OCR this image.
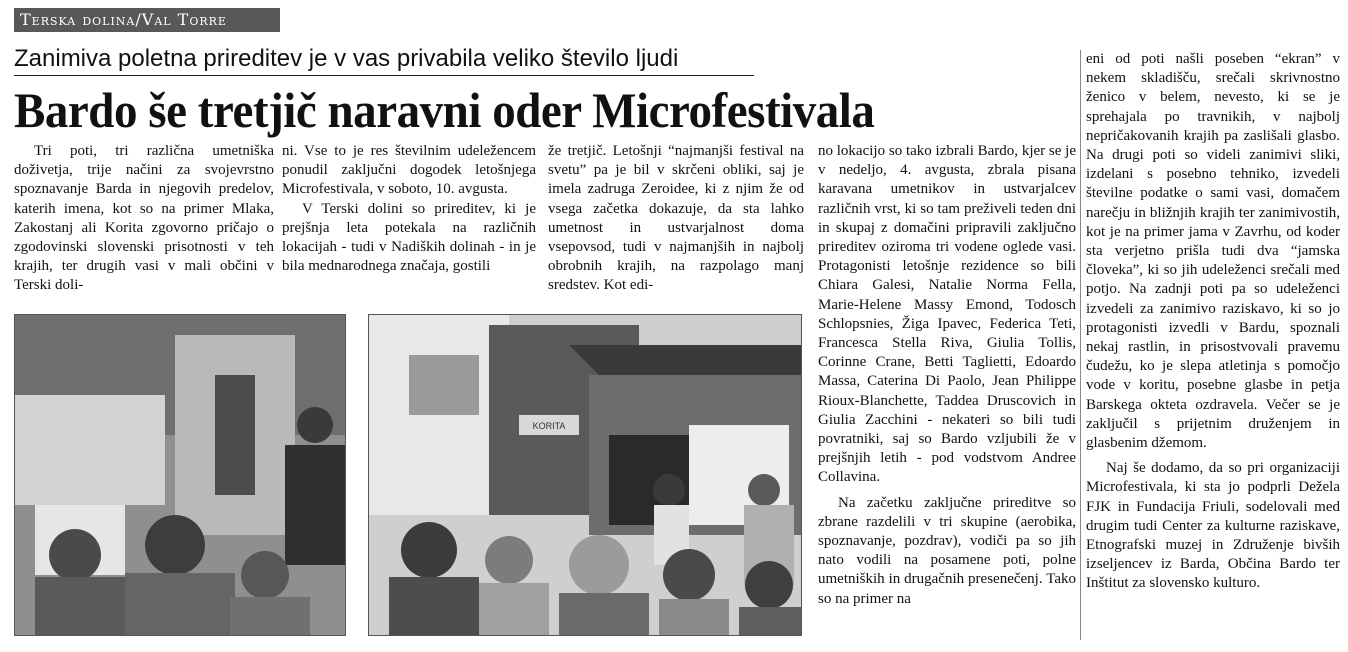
Terska dolina/Val Torre
Zanimiva poletna prireditev je v vas privabila veliko število ljudi
Bardo še tretjič naravni oder Microfestivala

Tri poti, tri različna umetniška doživetja, trije načini za svojevrstno spoznavanje Barda in njegovih predelov, katerih imena, kot so na primer Mlaka, Zakostanj ali Korita zgovorno pričajo o zgodovinski slovenski prisotnosti v teh krajih, ter drugih vasi v mali občini v Terski doli-

ni. Vse to je res številnim udeležencem ponudil zaključni dogodek letošnjega Microfestivala, v soboto, 10. avgusta.

V Terski dolini so prireditev, ki je prejšnja leta potekala na različnih lokacijah - tudi v Nadiških dolinah - in je bila mednarodnega značaja, gostili

že tretjič. Letošnji “najmanjši festival na svetu” pa je bil v skrčeni obliki, saj je imela zadruga Zeroidee, ki z njim že od vsega začetka dokazuje, da sta lahko umetnost in ustvarjalnost doma vsepovsod, tudi v najmanjših in najbolj obrobnih krajih, na razpolago manj sredstev. Kot edi-

no lokacijo so tako izbrali Bardo, kjer se je v nedeljo, 4. avgusta, zbrala pisana karavana umetnikov in ustvarjalcev različnih vrst, ki so tam preživeli teden dni in skupaj z domačini pripravili zaključno prireditev oziroma tri vodene oglede vasi. Protagonisti letošnje rezidence so bili Chiara Galesi, Natalie Norma Fella, Marie-Helene Massy Emond, Todosch Schlopsnies, Žiga Ipavec, Federica Teti, Francesca Stella Riva, Giulia Tollis, Corinne Crane, Betti Taglietti, Edoardo Massa, Caterina Di Paolo, Jean Philippe Rioux-Blanchette, Taddea Druscovich in Giulia Zacchini - nekateri so bili tudi povratniki, saj so Bardo vzljubili že v prejšnjih letih - pod vodstvom Andree Collavina.

Na začetku zaključne prireditve so zbrane razdelili v tri skupine (aerobika, spoznavanje, pozdrav), vodiči pa so jih nato vodili na posamene poti, polne umetniških in drugačnih presenečenj. Tako so na primer na

eni od poti našli poseben “ekran” v nekem skladišču, srečali skrivnostno ženico v belem, nevesto, ki se je sprehajala po travnikih, v najbolj nepričakovanih krajih pa zaslišali glasbo. Na drugi poti so videli zanimivi sliki, izdelani s posebno tehniko, izvedeli številne podatke o sami vasi, domačem narečju in bližnjih krajih ter zanimivostih, kot je na primer jama v Zavrhu, od koder sta verjetno prišla tudi dva “jamska človeka”, ki so jih udeleženci srečali med potjo. Na zadnji poti pa so udeleženci izvedeli za zanimivo raziskavo, ki so jo protagonisti izvedli v Bardu, spoznali nekaj rastlin, in prisostvovali pravemu čudežu, ko je slepa atletinja s pomočjo vode v koritu, posebne glasbe in petja Barskega okteta ozdravela. Večer se je zaključil s prijetnim druženjem in glasbenim džemom.

Naj še dodamo, da so pri organizaciji Microfestivala, ki sta jo podprli Dežela FJK in Fundacija Friuli, sodelovali med drugim tudi Center za kulturne raziskave, Etnografski muzej in Združenje bivših izseljencev iz Barda, Občina Bardo ter Inštitut za slovensko kulturo.

KORITA
